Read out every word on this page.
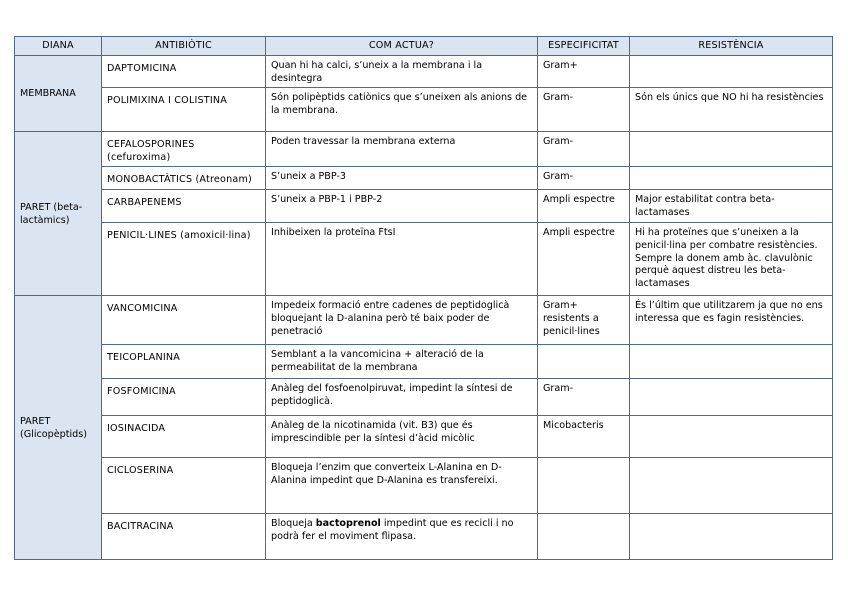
DIANA	ANTIBIÒTIC	COM ACTUA?	ESPECIFICITAT	RESISTÈNCIA
MEMBRANA	DAPTOMICINA	Quan hi ha calci, s’uneix a la membrana i la desintegra	Gram+	
	POLIMIXINA I COLISTINA	Són polipèptids catiònics que s’uneixen als anions de la membrana.	Gram-	Són els únics que NO hi ha resistències
PARET (beta-lactàmics)	CEFALOSPORINES (cefuroxima)	Poden travessar la membrana externa	Gram-	
	MONOBACTÀTICS (Atreonam)	S’uneix a PBP-3	Gram-	
	CARBAPENEMS	S’uneix a PBP-1 i PBP-2	Ampli espectre	Major estabilitat contra beta-lactamases
	PENICIL·LINES (amoxicil·lina)	Inhibeixen la proteïna FtsI	Ampli espectre	Hi ha proteïnes que s’uneixen a la penicil·lina per combatre resistències. Sempre la donem amb àc. clavulònic perquè aquest distreu les beta-lactamases
PARET (Glicopèptids)	VANCOMICINA	Impedeix formació entre cadenes de peptidoglicà bloquejant la D-alanina però té baix poder de penetració	Gram+ resistents a penicil·lines	És l’últim que utilitzarem ja que no ens interessa que es fagin resistències.
	TEICOPLANINA	Semblant a la vancomicina + alteració de la permeabilitat de la membrana		
	FOSFOMICINA	Anàleg del fosfoenolpiruvat, impedint la síntesi de peptidoglicà.	Gram-	
	IOSINACIDA	Anàleg de la nicotinamida (vit. B3) que és imprescindible per la síntesi d’àcid micòlic	Micobacteris	
	CICLOSERINA	Bloqueja l’enzim que converteix L-Alanina en D-Alanina impedint que D-Alanina es transfereixi.		
	BACITRACINA	Bloqueja bactoprenol impedint que es recicli i no podrà fer el moviment flipasa.		
